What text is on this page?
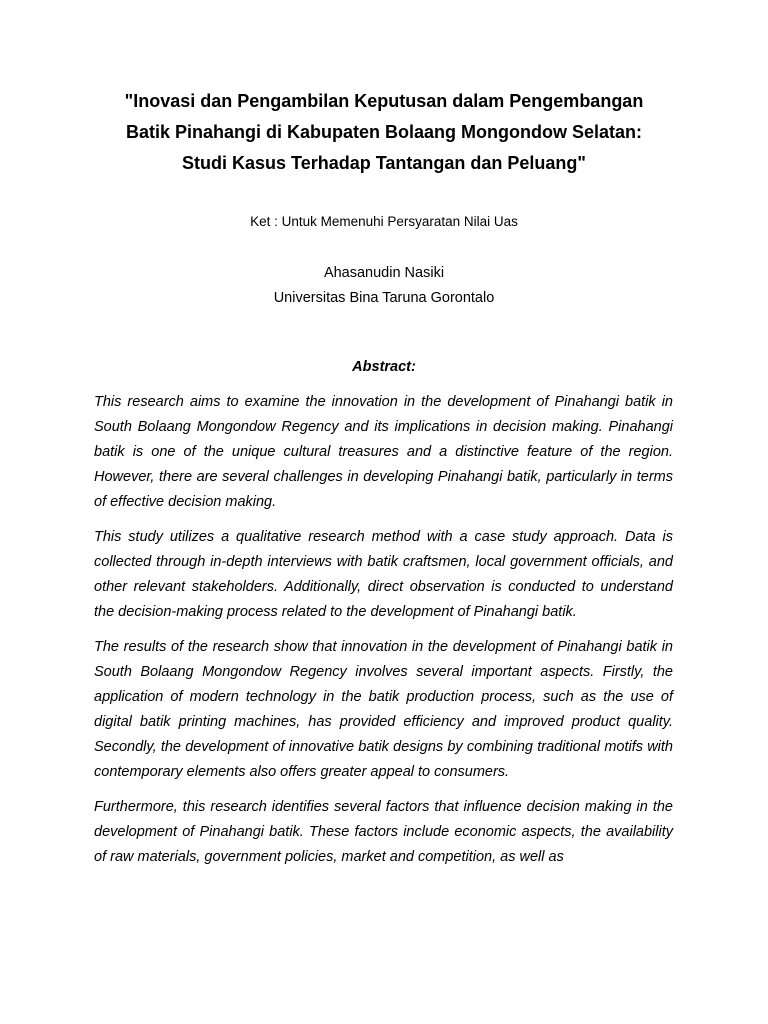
"Inovasi dan Pengambilan Keputusan dalam Pengembangan
Batik Pinahangi di Kabupaten Bolaang Mongondow Selatan:
Studi Kasus Terhadap Tantangan dan Peluang"
Ket : Untuk Memenuhi Persyaratan Nilai Uas
Ahasanudin Nasiki
Universitas Bina Taruna Gorontalo
Abstract:

This research aims to examine the innovation in the development of Pinahangi batik in South Bolaang Mongondow Regency and its implications in decision making. Pinahangi batik is one of the unique cultural treasures and a distinctive feature of the region. However, there are several challenges in developing Pinahangi batik, particularly in terms of effective decision making.

This study utilizes a qualitative research method with a case study approach. Data is collected through in-depth interviews with batik craftsmen, local government officials, and other relevant stakeholders. Additionally, direct observation is conducted to understand the decision-making process related to the development of Pinahangi batik.

The results of the research show that innovation in the development of Pinahangi batik in South Bolaang Mongondow Regency involves several important aspects. Firstly, the application of modern technology in the batik production process, such as the use of digital batik printing machines, has provided efficiency and improved product quality. Secondly, the development of innovative batik designs by combining traditional motifs with contemporary elements also offers greater appeal to consumers.

Furthermore, this research identifies several factors that influence decision making in the development of Pinahangi batik. These factors include economic aspects, the availability of raw materials, government policies, market and competition, as well as
